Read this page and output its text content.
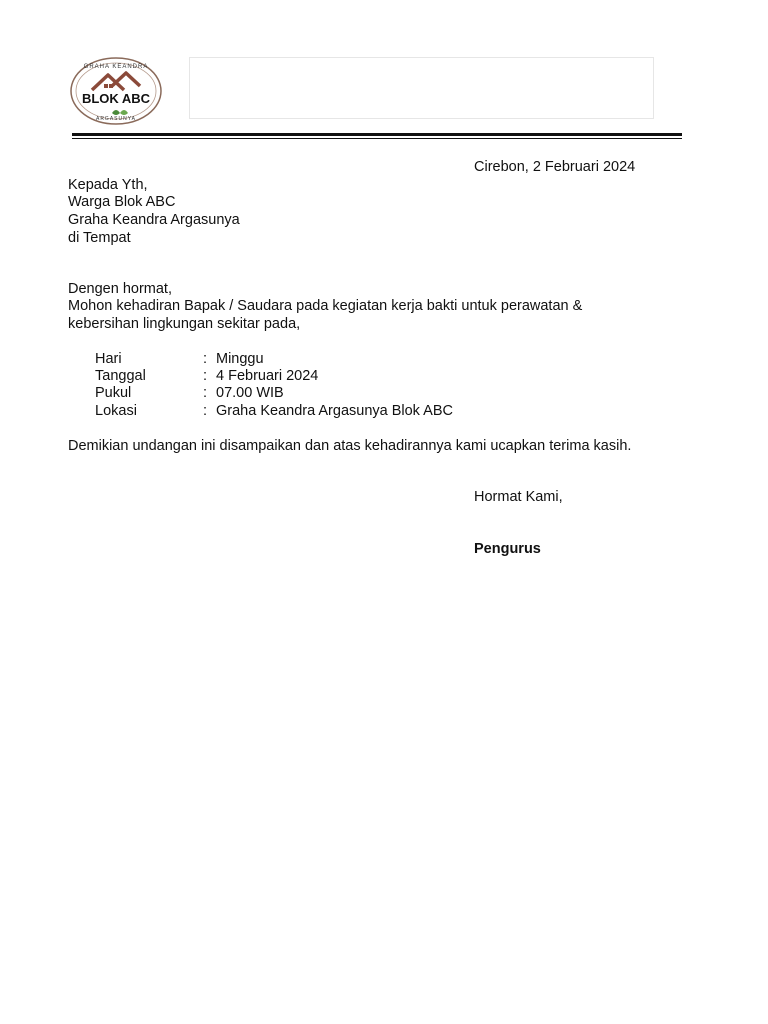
GRAHA KEANDRA
BLOK ABC
ARGASUNYA
Cirebon, 2 Februari 2024
Kepada Yth,
Warga Blok ABC
Graha Keandra Argasunya
di Tempat
Dengen hormat,
Mohon kehadiran Bapak / Saudara pada kegiatan kerja bakti untuk perawatan &
kebersihan lingkungan sekitar pada,
Hari	: Minggu
Tanggal	: 4 Februari 2024
Pukul	: 07.00 WIB
Lokasi	: Graha Keandra Argasunya Blok ABC
Demikian undangan ini disampaikan dan atas kehadirannya kami ucapkan terima kasih.
Hormat Kami,
Pengurus
